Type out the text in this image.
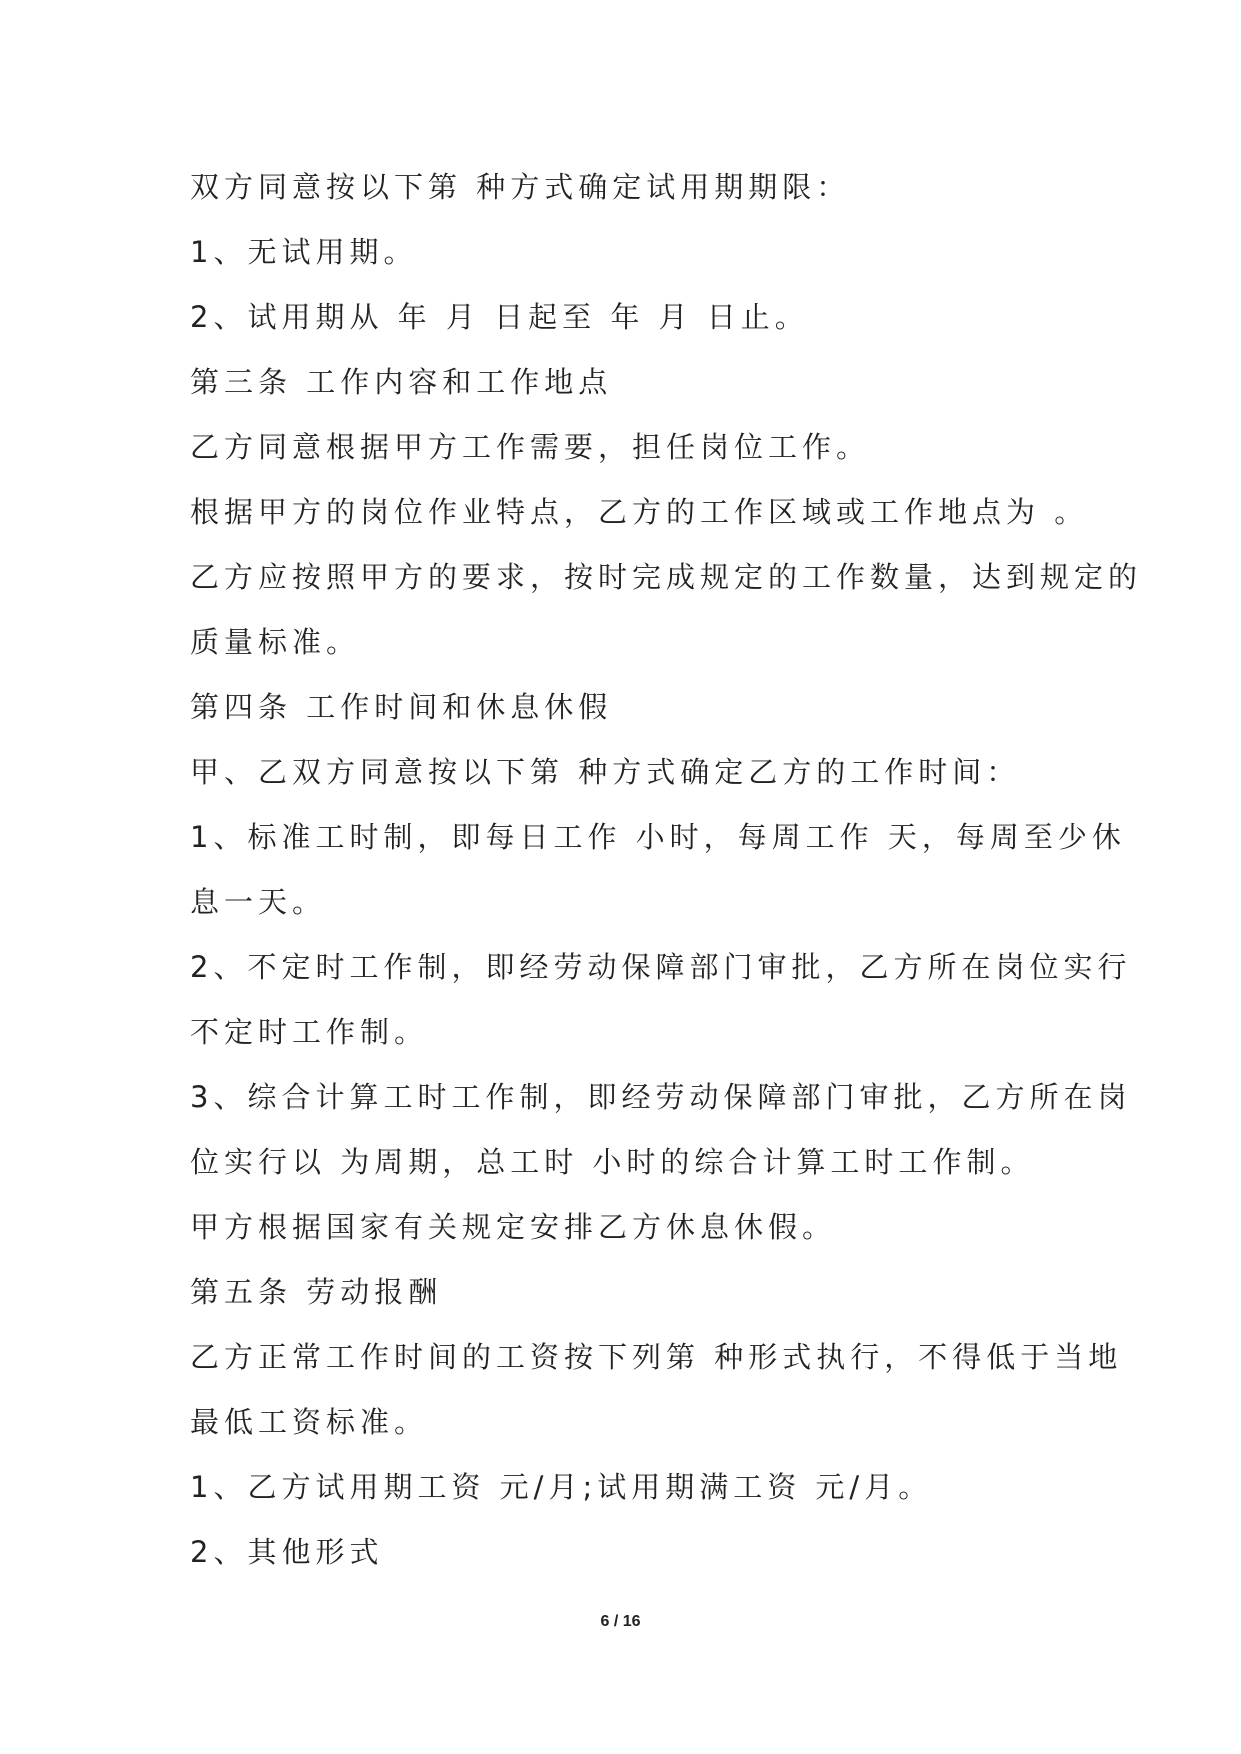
双方同意按以下第 种方式确定试用期期限：

1、无试用期。

2、试用期从 年 月 日起至 年 月 日止。

第三条 工作内容和工作地点

乙方同意根据甲方工作需要，担任岗位工作。

根据甲方的岗位作业特点，乙方的工作区域或工作地点为 。

乙方应按照甲方的要求，按时完成规定的工作数量，达到规定的

质量标准。

第四条 工作时间和休息休假

甲、乙双方同意按以下第 种方式确定乙方的工作时间：

1、标准工时制，即每日工作 小时，每周工作 天，每周至少休

息一天。

2、不定时工作制，即经劳动保障部门审批，乙方所在岗位实行

不定时工作制。

3、综合计算工时工作制，即经劳动保障部门审批，乙方所在岗

位实行以 为周期，总工时 小时的综合计算工时工作制。

甲方根据国家有关规定安排乙方休息休假。

第五条 劳动报酬

乙方正常工作时间的工资按下列第 种形式执行，不得低于当地

最低工资标准。

1、乙方试用期工资 元/月;试用期满工资 元/月。

2、其他形式

6 / 16
